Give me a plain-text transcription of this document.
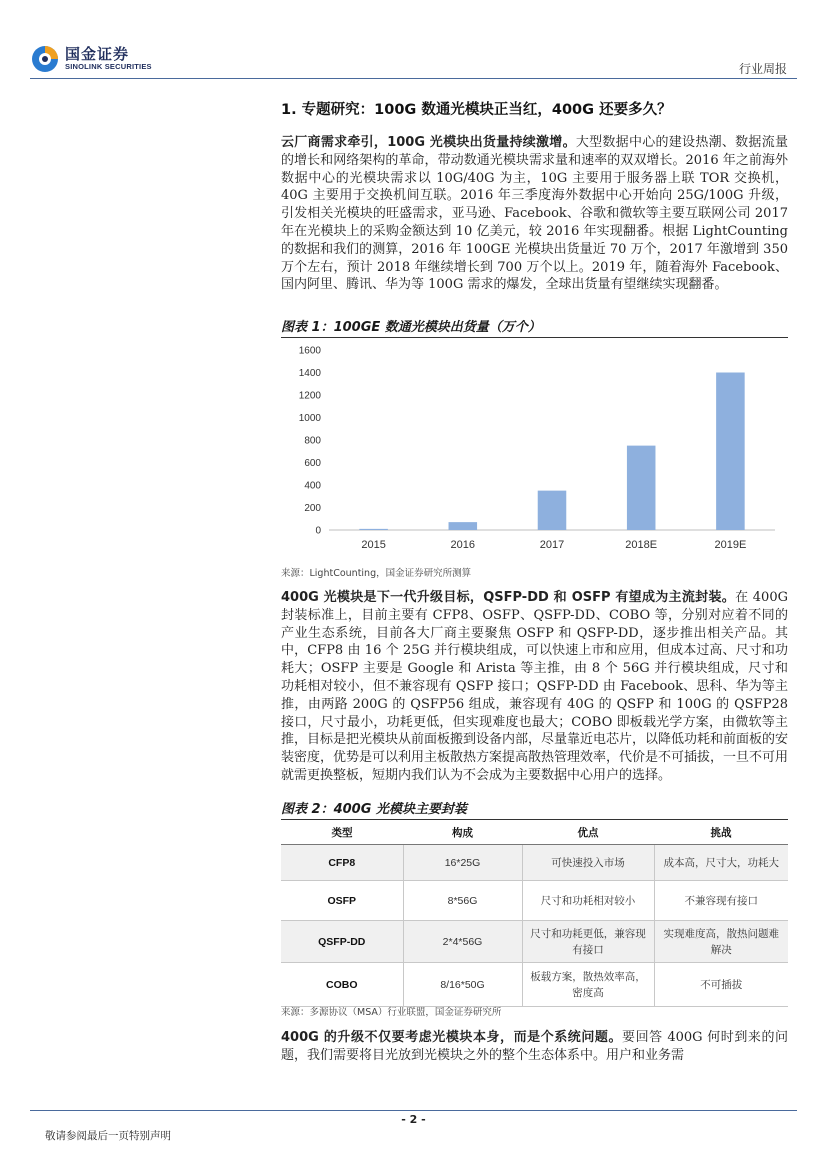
国金证券
SINOLINK SECURITIES	行业周报
1. 专题研究：100G 数通光模块正当红，400G 还要多久？
云厂商需求牵引，100G 光模块出货量持续激增。大型数据中心的建设热潮、数据流量的增长和网络架构的革命，带动数通光模块需求量和速率的双双增长。2016 年之前海外数据中心的光模块需求以 10G/40G 为主，10G 主要用于服务器上联 TOR 交换机，40G 主要用于交换机间互联。2016 年三季度海外数据中心开始向 25G/100G 升级，引发相关光模块的旺盛需求，亚马逊、Facebook、谷歌和微软等主要互联网公司 2017 年在光模块上的采购金额达到 10 亿美元，较 2016 年实现翻番。根据 LightCounting 的数据和我们的测算，2016 年 100GE 光模块出货量近 70 万个，2017 年激增到 350 万个左右，预计 2018 年继续增长到 700 万个以上。2019 年，随着海外 Facebook、国内阿里、腾讯、华为等 100G 需求的爆发，全球出货量有望继续实现翻番。
图表 1：100GE 数通光模块出货量（万个）
0
200
400
600
800
1000
1200
1400
1600
2015	2016	2017	2018E	2019E
来源：LightCounting，国金证券研究所测算
400G 光模块是下一代升级目标，QSFP-DD 和 OSFP 有望成为主流封装。在 400G 封装标准上，目前主要有 CFP8、OSFP、QSFP-DD、COBO 等，分别对应着不同的产业生态系统，目前各大厂商主要聚焦 OSFP 和 QSFP-DD，逐步推出相关产品。其中，CFP8 由 16 个 25G 并行模块组成，可以快速上市和应用，但成本过高、尺寸和功耗大；OSFP 主要是 Google 和 Arista 等主推，由 8 个 56G 并行模块组成，尺寸和功耗相对较小，但不兼容现有 QSFP 接口；QSFP-DD 由 Facebook、思科、华为等主推，由两路 200G 的 QSFP56 组成，兼容现有 40G 的 QSFP 和 100G 的 QSFP28 接口，尺寸最小，功耗更低，但实现难度也最大；COBO 即板载光学方案，由微软等主推，目标是把光模块从前面板搬到设备内部，尽量靠近电芯片，以降低功耗和前面板的安装密度，优势是可以利用主板散热方案提高散热管理效率，代价是不可插拔，一旦不可用就需更换整板，短期内我们认为不会成为主要数据中心用户的选择。
图表 2：400G 光模块主要封装
类型	构成	优点	挑战
CFP8	16*25G	可快速投入市场	成本高，尺寸大，功耗大
OSFP	8*56G	尺寸和功耗相对较小	不兼容现有接口
QSFP-DD	2*4*56G	尺寸和功耗更低，兼容现有接口	实现难度高，散热问题难解决
COBO	8/16*50G	板载方案，散热效率高，密度高	不可插拔
来源：多源协议（MSA）行业联盟，国金证券研究所
400G 的升级不仅要考虑光模块本身，而是个系统问题。要回答 400G 何时到来的问题，我们需要将目光放到光模块之外的整个生态体系中。用户和业务需
- 2 -
敬请参阅最后一页特别声明
